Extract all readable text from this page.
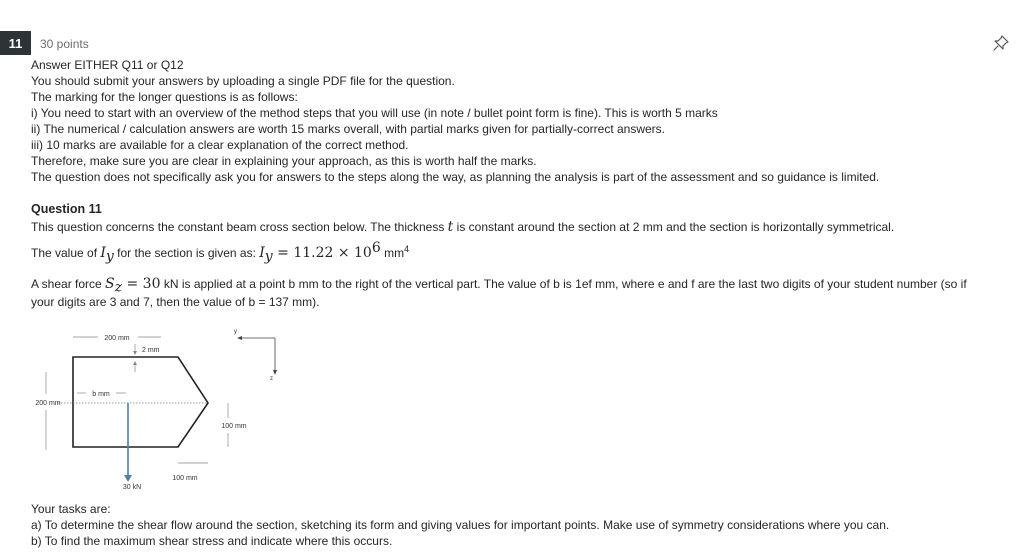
11	30 points

Answer EITHER Q11 or Q12

You should submit your answers by uploading a single PDF file for the question.

The marking for the longer questions is as follows:

i) You need to start with an overview of the method steps that you will use (in note / bullet point form is fine). This is worth 5 marks

ii) The numerical / calculation answers are worth 15 marks overall, with partial marks given for partially-correct answers.

iii) 10 marks are available for a clear explanation of the correct method.

Therefore, make sure you are clear in explaining your approach, as this is worth half the marks.

The question does not specifically ask you for answers to the steps along the way, as planning the analysis is part of the assessment and so guidance is limited.

Question 11
This question concerns the constant beam cross section below. The thickness t is constant around the section at 2 mm and the section is horizontally symmetrical.
The value of $I_y$ for the section is given as: $I_y = 11.22 \times 10^6$ $mm^4$
A shear force $S_z = 30$ kN is applied at a point b mm to the right of the vertical part. The value of b is 1ef mm, where e and f are the last two digits of your student number (so if
your digits are 3 and 7, then the value of b = 137 mm).
200 mm
2 mm
b mm
200 mm
100 mm
100 mm
30 kN
y
z

Your tasks are:

a) To determine the shear flow around the section, sketching its form and giving values for important points. Make use of symmetry considerations where you can.

b) To find the maximum shear stress and indicate where this occurs.
